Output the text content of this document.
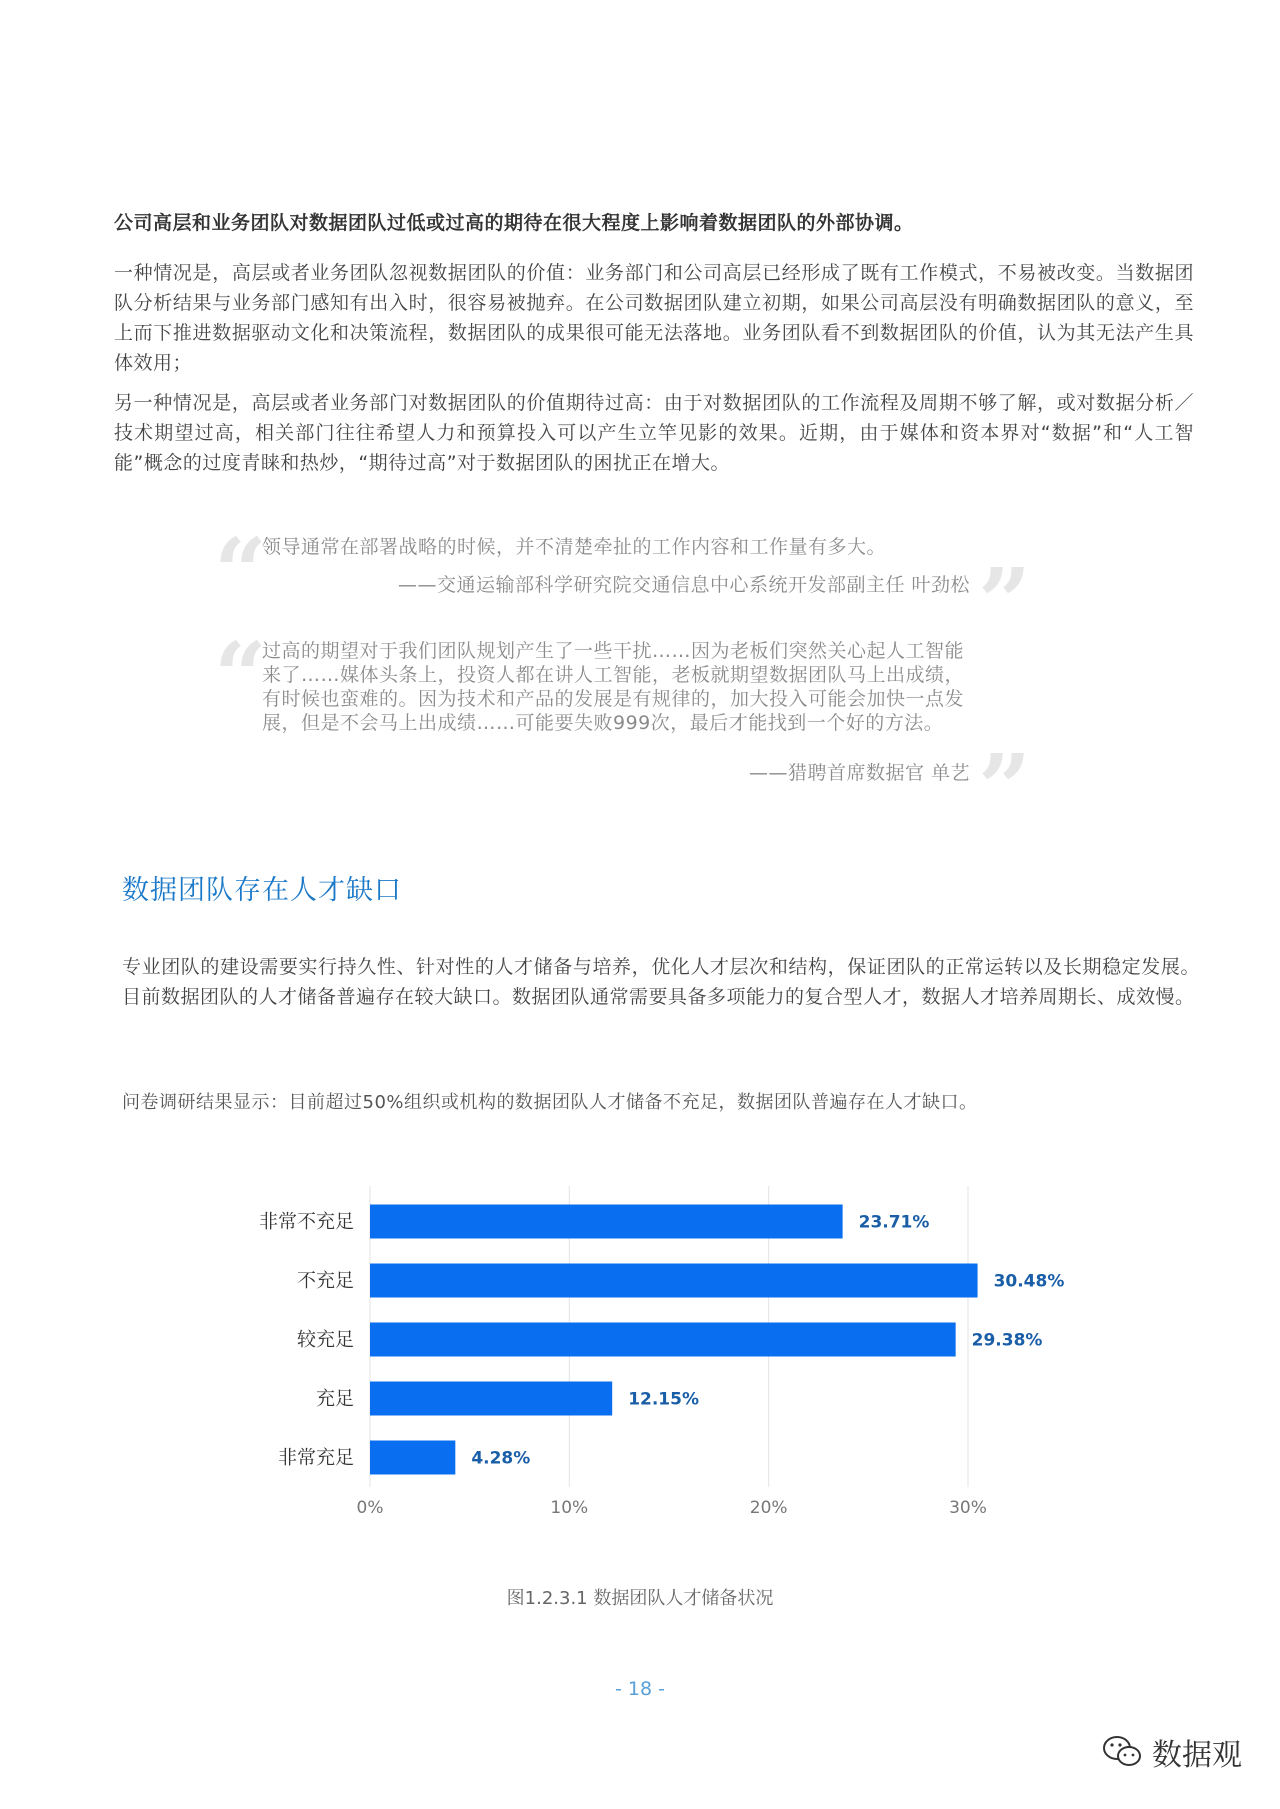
公司高层和业务团队对数据团队过低或过高的期待在很大程度上影响着数据团队的外部协调。
一种情况是，高层或者业务团队忽视数据团队的价值：业务部门和公司高层已经形成了既有工作模式，不易被改变。当数据团队分析结果与业务部门感知有出入时，很容易被抛弃。在公司数据团队建立初期，如果公司高层没有明确数据团队的意义，至上而下推进数据驱动文化和决策流程，数据团队的成果很可能无法落地。业务团队看不到数据团队的价值，认为其无法产生具体效用；
另一种情况是，高层或者业务部门对数据团队的价值期待过高：由于对数据团队的工作流程及周期不够了解，或对数据分析／技术期望过高，相关部门往往希望人力和预算投入可以产生立竿见影的效果。近期，由于媒体和资本界对“数据”和“人工智能”概念的过度青睐和热炒，“期待过高”对于数据团队的困扰正在增大。
“
领导通常在部署战略的时候，并不清楚牵扯的工作内容和工作量有多大。
——交通运输部科学研究院交通信息中心系统开发部副主任 叶劲松 ”
“
过高的期望对于我们团队规划产生了一些干扰……因为老板们突然关心起人工智能来了……媒体头条上，投资人都在讲人工智能，老板就期望数据团队马上出成绩，有时候也蛮难的。因为技术和产品的发展是有规律的，加大投入可能会加快一点发展，但是不会马上出成绩……可能要失败999次，最后才能找到一个好的方法。
——猎聘首席数据官 单艺 ”
数据团队存在人才缺口
专业团队的建设需要实行持久性、针对性的人才储备与培养，优化人才层次和结构，保证团队的正常运转以及长期稳定发展。目前数据团队的人才储备普遍存在较大缺口。数据团队通常需要具备多项能力的复合型人才，数据人才培养周期长、成效慢。
问卷调研结果显示：目前超过50%组织或机构的数据团队人才储备不充足，数据团队普遍存在人才缺口。
0%	10%	20%	30%
非常不充足	23.71%
不充足	30.48%
较充足	29.38%
充足	12.15%
非常充足	4.28%
图1.2.3.1 数据团队人才储备状况
- 18 -
数据观
